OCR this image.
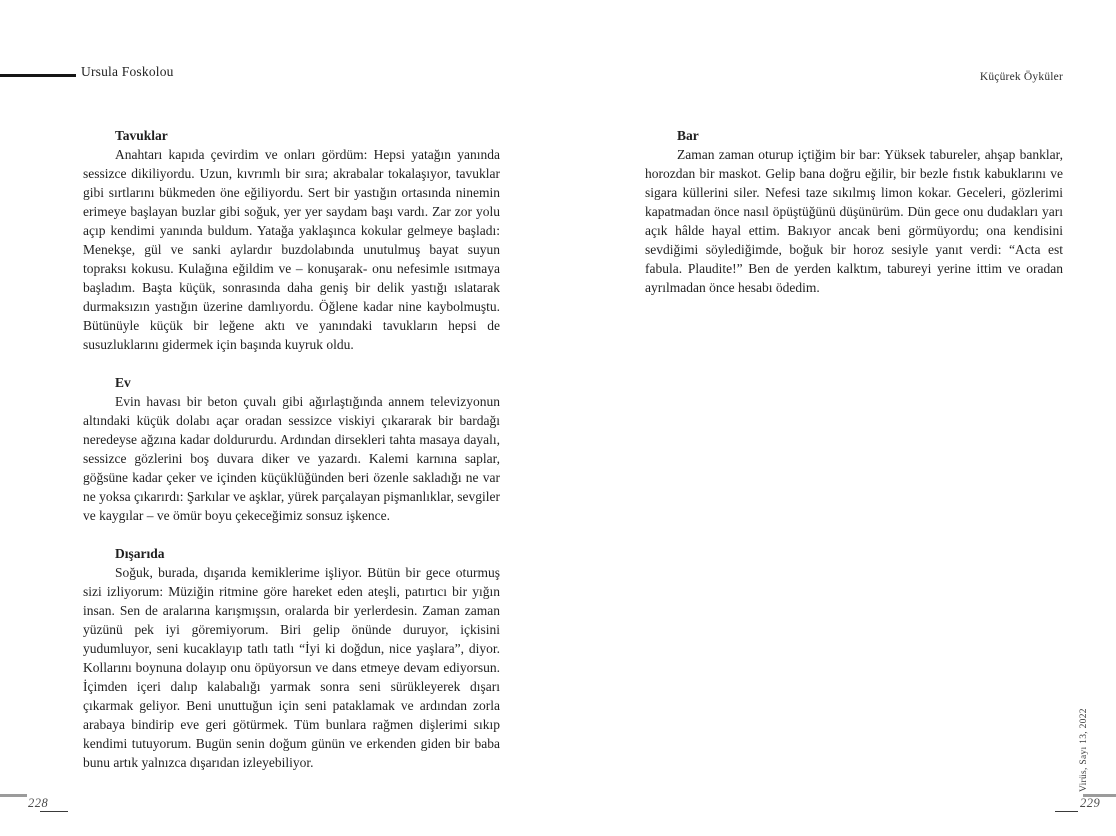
Ursula Foskolou	Küçürek Öyküler
Tavuklar

Anahtarı kapıda çevirdim ve onları gördüm: Hepsi yatağın yanında sessizce dikiliyordu. Uzun, kıvrımlı bir sıra; akrabalar tokalaşıyor, tavuklar gibi sırtlarını bükmeden öne eğiliyordu. Sert bir yastığın ortasında ninemin erimeye başlayan buzlar gibi soğuk, yer yer saydam başı vardı. Zar zor yolu açıp kendimi yanında buldum. Yatağa yaklaşınca kokular gelmeye başladı: Menekşe, gül ve sanki aylardır buzdolabında unutulmuş bayat suyun topraksı kokusu. Kulağına eğildim ve – konuşarak- onu nefesimle ısıtmaya başladım. Başta küçük, sonrasında daha geniş bir delik yastığı ıslatarak durmaksızın yastığın üzerine damlıyordu. Öğlene kadar nine kaybolmuştu. Bütünüyle küçük bir leğene aktı ve yanındaki tavukların hepsi de susuzluklarını gidermek için başında kuyruk oldu.

Ev

Evin havası bir beton çuvalı gibi ağırlaştığında annem televizyonun altındaki küçük dolabı açar oradan sessizce viskiyi çıkararak bir bardağı neredeyse ağzına kadar doldururdu. Ardından dirsekleri tahta masaya dayalı, sessizce gözlerini boş duvara diker ve yazardı. Kalemi karnına saplar, göğsüne kadar çeker ve içinden küçüklüğünden beri özenle sakladığı ne var ne yoksa çıkarırdı: Şarkılar ve aşklar, yürek parçalayan pişmanlıklar, sevgiler ve kaygılar – ve ömür boyu çekeceğimiz sonsuz işkence.

Dışarıda

Soğuk, burada, dışarıda kemiklerime işliyor. Bütün bir gece oturmuş sizi izliyorum: Müziğin ritmine göre hareket eden ateşli, patırtıcı bir yığın insan. Sen de aralarına karışmışsın, oralarda bir yerlerdesin. Zaman zaman yüzünü pek iyi göremiyorum. Biri gelip önünde duruyor, içkisini yudumluyor, seni kucaklayıp tatlı tatlı “İyi ki doğdun, nice yaşlara”, diyor. Kollarını boynuna dolayıp onu öpüyorsun ve dans etmeye devam ediyorsun. İçimden içeri dalıp kalabalığı yarmak sonra seni sürükleyerek dışarı çıkarmak geliyor. Beni unuttuğun için seni pataklamak ve ardından zorla arabaya bindirip eve geri götürmek. Tüm bunlara rağmen dişlerimi sıkıp kendimi tutuyorum. Bugün senin doğum günün ve erkenden giden bir baba bunu artık yalnızca dışarıdan izleyebiliyor.

Bar

Zaman zaman oturup içtiğim bir bar: Yüksek tabureler, ahşap banklar, horozdan bir maskot. Gelip bana doğru eğilir, bir bezle fıstık kabuklarını ve sigara küllerini siler. Nefesi taze sıkılmış limon kokar. Geceleri, gözlerimi kapatmadan önce nasıl öpüştüğünü düşünürüm. Dün gece onu dudakları yarı açık hâlde hayal ettim. Bakıyor ancak beni görmüyordu; ona kendisini sevdiğimi söylediğimde, boğuk bir horoz sesiyle yanıt verdi: “Acta est fabula. Plaudite!” Ben de yerden kalktım, tabureyi yerine ittim ve oradan ayrılmadan önce hesabı ödedim.

Virüs, Sayı 13, 2022
228	229
